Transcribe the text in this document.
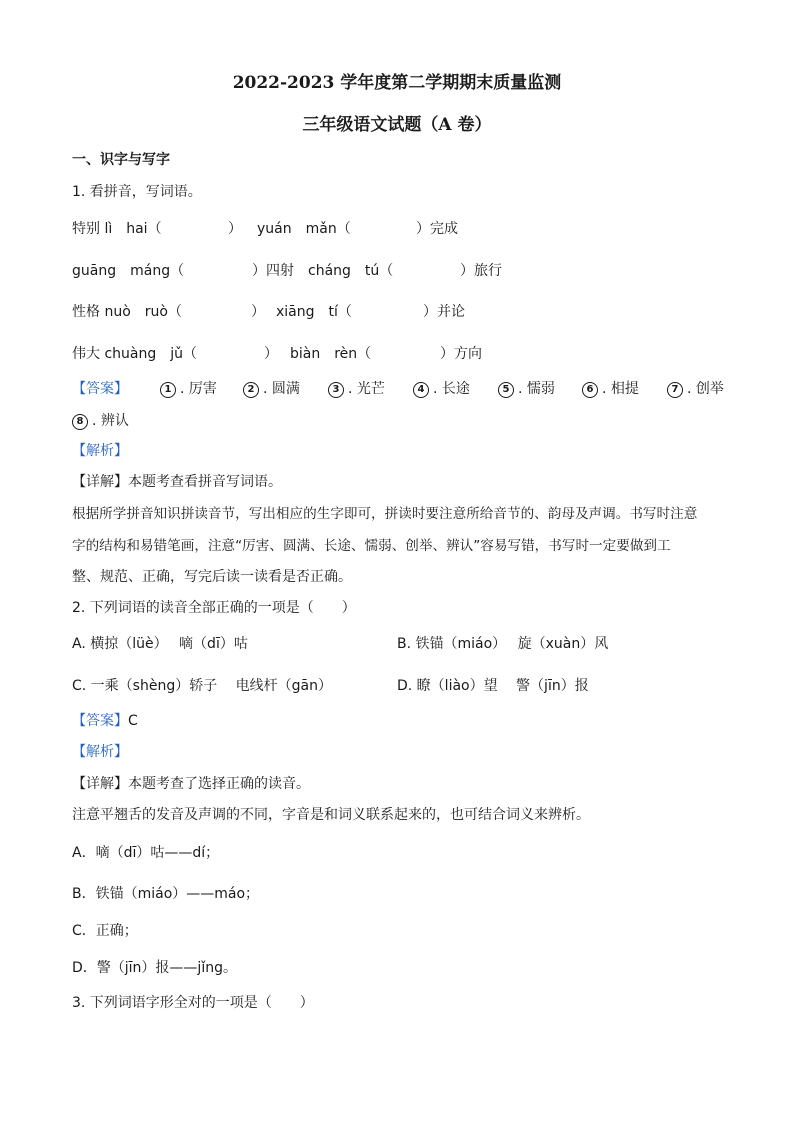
2022-2023 学年度第二学期期末质量监测
三年级语文试题（A 卷）
一、识字与写字
1. 看拼音，写词语。
特别 lì　hai（	） yuán　mǎn（	）完成
guāng　máng（	）四射 cháng　tú（	）旅行
性格 nuò　ruò（	） xiāng　tí（	）并论
伟大 chuàng　jǔ（	） biàn　rèn（	）方向
【答案】	1 . 厉害	2 . 圆满	3 . 光芒	4 . 长途	5 . 懦弱	6 . 相提	7 . 创举
8 . 辨认
【解析】
【详解】本题考查看拼音写词语。
根据所学拼音知识拼读音节，写出相应的生字即可，拼读时要注意所给音节的、韵母及声调。书写时注意
字的结构和易错笔画，注意“厉害、圆满、长途、懦弱、创举、辨认”容易写错，书写时一定要做到工
整、规范、正确，写完后读一读看是否正确。
2. 下列词语的读音全部正确的一项是（　　）
A. 横掠（lüè）　 嘀（dī）咕	B. 铁锚（miáo）　 旋（xuàn）风
C. 一乘（shèng）轿子　 电线杆（gān）	D. 瞭（liào）望　 警（jīn）报
【答案】C
【解析】
【详解】本题考查了选择正确的读音。
注意平翘舌的发音及声调的不同，字音是和词义联系起来的，也可结合词义来辨析。
A．嘀（dī）咕——dí；
B．铁锚（miáo）——máo；
C．正确；
D．警（jīn）报——jǐng。
3. 下列词语字形全对的一项是（　　）
